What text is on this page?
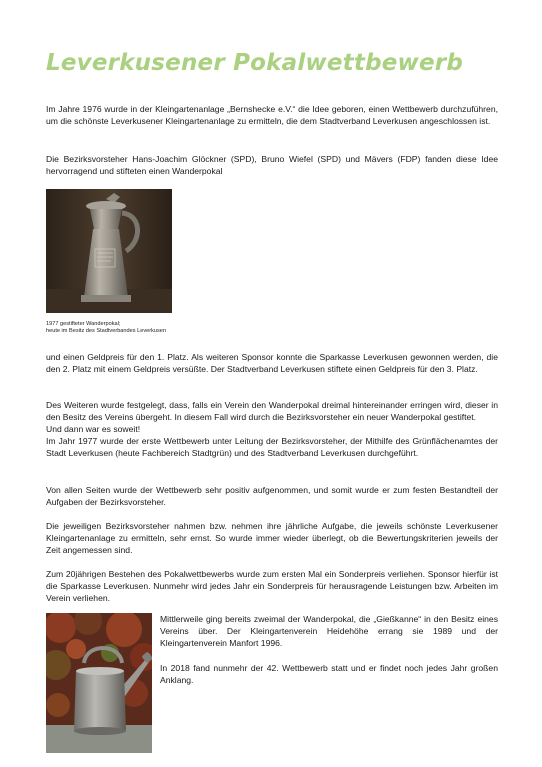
Leverkusener Pokalwettbewerb

Im Jahre 1976 wurde in der Kleingartenanlage „Bernshecke e.V.“ die Idee geboren, einen Wettbewerb durchzuführen, um die schönste Leverkusener Kleingartenanlage zu ermitteln, die dem Stadtverband Leverkusen angeschlossen ist.

Die Bezirksvorsteher Hans-Joachim Glöckner (SPD), Bruno Wiefel (SPD) und Mävers (FDP) fanden diese Idee hervorragend und stifteten einen Wanderpokal

1977 gestifteter Wanderpokal;
heute im Besitz des Stadtverbandes Leverkusen

und einen Geldpreis für den 1. Platz. Als weiteren Sponsor konnte die Sparkasse Leverkusen gewonnen werden, die den 2. Platz mit einem Geldpreis versüßte. Der Stadtverband Leverkusen stiftete einen Geldpreis für den 3. Platz.

Des Weiteren wurde festgelegt, dass, falls ein Verein den Wanderpokal dreimal hintereinander erringen wird, dieser in den Besitz des Vereins übergeht. In diesem Fall wird durch die Bezirksvorsteher ein neuer Wanderpokal gestiftet.
Und dann war es soweit!
Im Jahr 1977 wurde der erste Wettbewerb unter Leitung der Bezirksvorsteher, der Mithilfe des Grünflächenamtes der Stadt Leverkusen (heute Fachbereich Stadtgrün) und des Stadtverband Leverkusen durchgeführt.

Von allen Seiten wurde der Wettbewerb sehr positiv aufgenommen, und somit wurde er zum festen Bestandteil der Aufgaben der Bezirksvorsteher.

Die jeweiligen Bezirksvorsteher nahmen bzw. nehmen ihre jährliche Aufgabe, die jeweils schönste Leverkusener Kleingartenanlage zu ermitteln, sehr ernst. So wurde immer wieder überlegt, ob die Bewertungskriterien jeweils der Zeit angemessen sind.

Zum 20jährigen Bestehen des Pokalwettbewerbs wurde zum ersten Mal ein Sonderpreis verliehen. Sponsor hierfür ist die Sparkasse Leverkusen. Nunmehr wird jedes Jahr ein Sonderpreis für herausragende Leistungen bzw. Arbeiten im Verein verliehen.

Mittlerweile ging bereits zweimal der Wanderpokal, die „Gießkanne“ in den Besitz eines Vereins über. Der Kleingartenverein Heidehöhe errang sie 1989 und der Kleingartenverein Manfort 1996.

In 2018 fand nunmehr der 42. Wettbewerb statt und er findet noch jedes Jahr großen Anklang.
